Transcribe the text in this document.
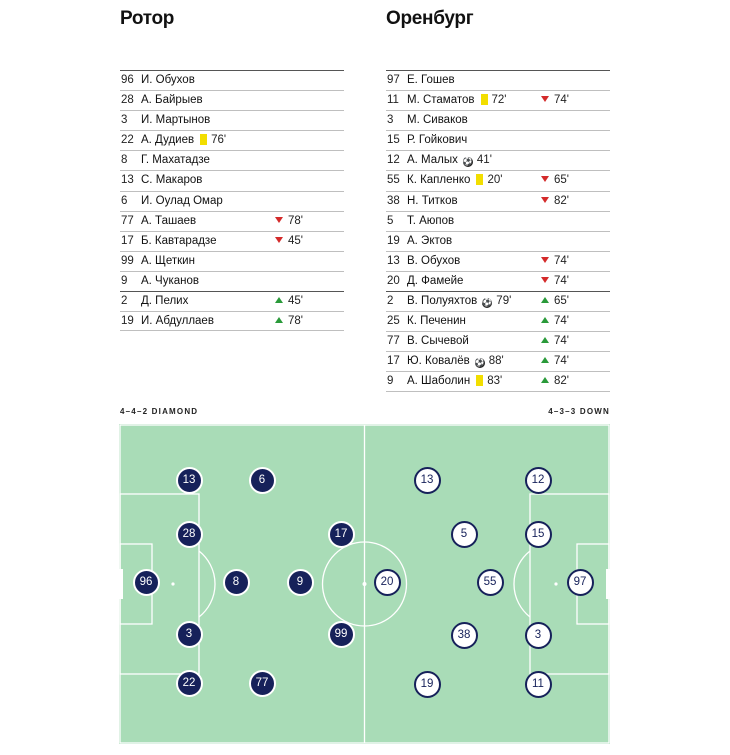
Ротор	Оренбург
96 И. Обухов
28 А. Байрыев
3	И. Мартынов
22 А. Дудиев 76'
8	Г. Махатадзе
13 С. Макаров
6	И. Оулад Омар
77 А. Ташаев	78'
17 Б. Кавтарадзе	45'
99 А. Щеткин
9	А. Чуканов
2	Д. Пелих	45'
19 И. Абдуллаев	78'
97 Е. Гошев
11 М. Стаматов 72'	74'
3	М. Сиваков
15 Р. Гойкович
12 А. Малых ⚽ 41'
55 К. Капленко 20'	65'
38 Н. Титков	82'
5	Т. Аюпов
19 А. Эктов
13 В. Обухов	74'
20 Д. Фамейе	74'
2	В. Полуяхтов ⚽ 79'	65'
25 К. Печенин	74'
77 В. Сычевой	74'
17 Ю. Ковалёв ⚽ 88'	74'
9	А. Шаболин 83'	82'
4–4–2 DIAMOND	4–3–3 DOWN
13	6
28	17
96	8	9
3	99
22	77
13	12
5	15
20	55	97
38	3
19	11
